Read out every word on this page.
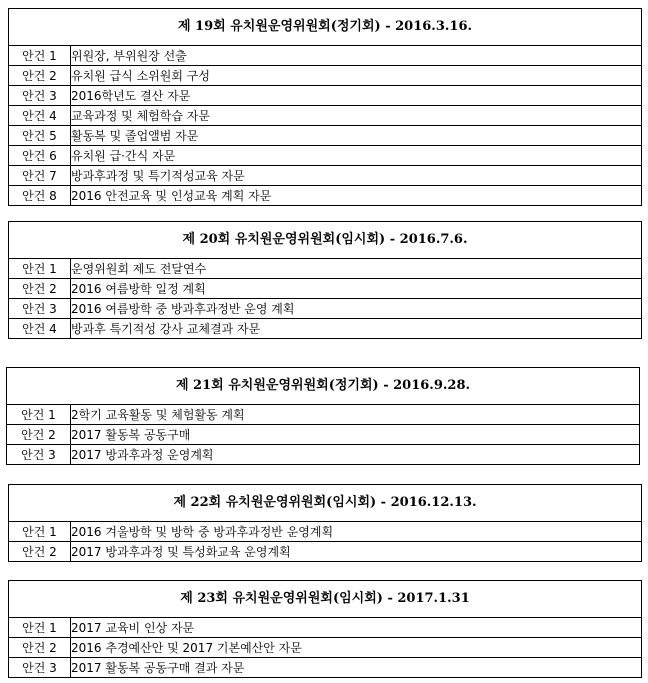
제 19회 유치원운영위원회(정기회) - 2016.3.16.	
안건 1	위원장, 부위원장 선출
안건 2	유치원 급식 소위원회 구성
안건 3	2016학년도 결산 자문
안건 4	교육과정 및 체험학습 자문
안건 5	활동복 및 졸업앨범 자문
안건 6	유치원 급·간식 자문
안건 7	방과후과정 및 특기적성교육 자문
안건 8	2016 안전교육 및 인성교육 계획 자문
제 20회 유치원운영위원회(임시회) - 2016.7.6.	
안건 1	운영위원회 제도 전달연수
안건 2	2016 여름방학 일정 계획
안건 3	2016 여름방학 중 방과후과정반 운영 계획
안건 4	방과후 특기적성 강사 교체결과 자문
제 21회 유치원운영위원회(정기회) - 2016.9.28.	
안건 1	2학기 교육활동 및 체험활동 계획
안건 2	2017 활동복 공동구매
안건 3	2017 방과후과정 운영계획
제 22회 유치원운영위원회(임시회) - 2016.12.13.	
안건 1	2016 겨울방학 및 방학 중 방과후과정반 운영계획
안건 2	2017 방과후과정 및 특성화교육 운영계획
제 23회 유치원운영위원회(임시회) - 2017.1.31	
안건 1	2017 교육비 인상 자문
안건 2	2016 추경예산안 및 2017 기본예산안 자문
안건 3	2017 활동복 공동구매 결과 자문
